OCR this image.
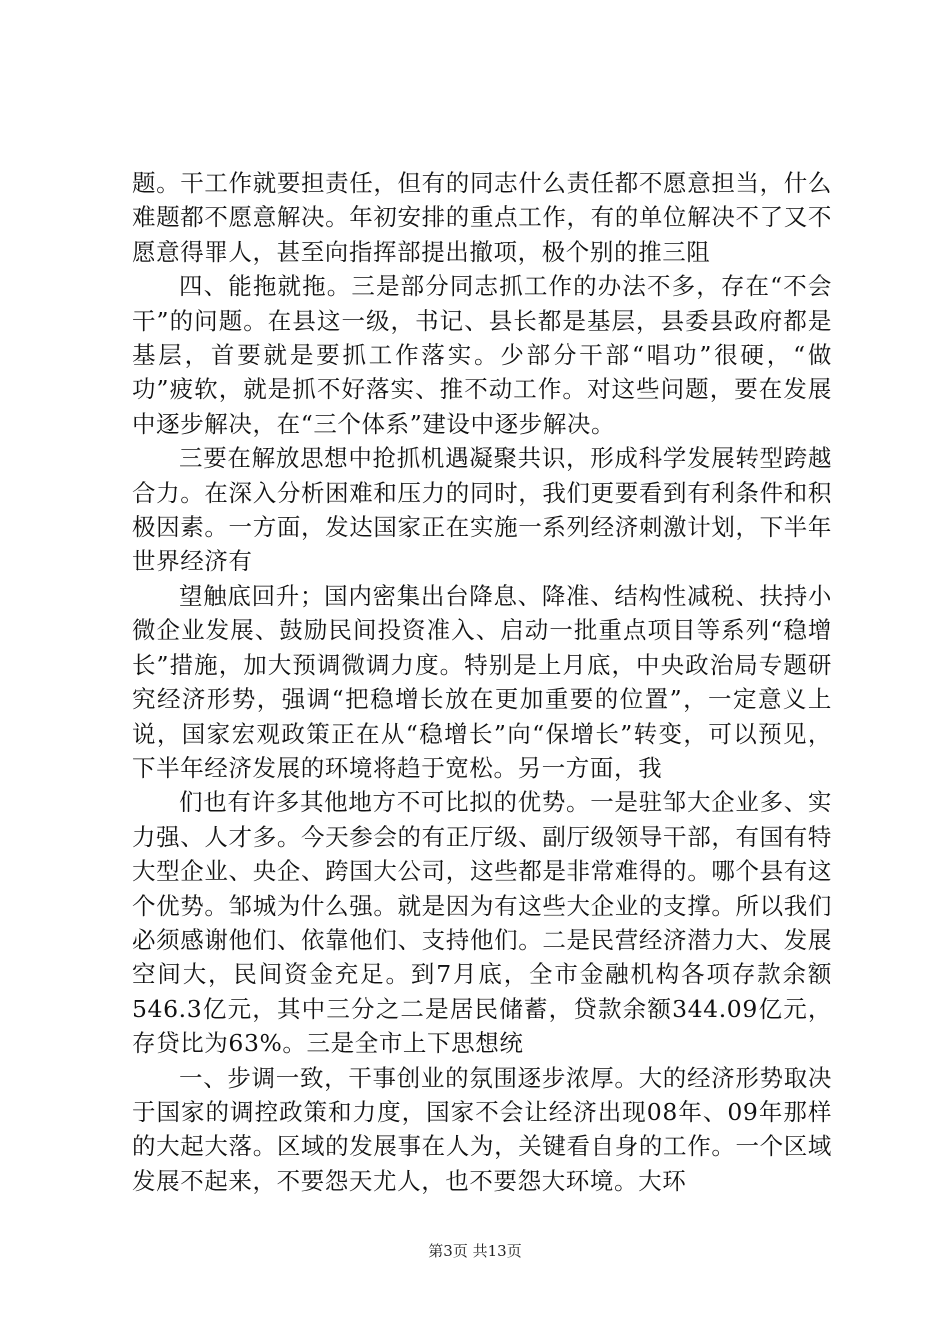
题。干工作就要担责任，但有的同志什么责任都不愿意担当，什么难题都不愿意解决。年初安排的重点工作，有的单位解决不了又不愿意得罪人，甚至向指挥部提出撤项，极个别的推三阻

四、能拖就拖。三是部分同志抓工作的办法不多，存在“不会干”的问题。在县这一级，书记、县长都是基层，县委县政府都是基层，首要就是要抓工作落实。少部分干部“唱功”很硬，“做功”疲软，就是抓不好落实、推不动工作。对这些问题，要在发展中逐步解决，在“三个体系”建设中逐步解决。

三要在解放思想中抢抓机遇凝聚共识，形成科学发展转型跨越合力。在深入分析困难和压力的同时，我们更要看到有利条件和积极因素。一方面，发达国家正在实施一系列经济刺激计划，下半年世界经济有

望触底回升；国内密集出台降息、降准、结构性减税、扶持小微企业发展、鼓励民间投资准入、启动一批重点项目等系列“稳增长”措施，加大预调微调力度。特别是上月底，中央政治局专题研究经济形势，强调“把稳增长放在更加重要的位置”，一定意义上说，国家宏观政策正在从“稳增长”向“保增长”转变，可以预见，下半年经济发展的环境将趋于宽松。另一方面，我

们也有许多其他地方不可比拟的优势。一是驻邹大企业多、实力强、人才多。今天参会的有正厅级、副厅级领导干部，有国有特大型企业、央企、跨国大公司，这些都是非常难得的。哪个县有这个优势。邹城为什么强。就是因为有这些大企业的支撑。所以我们必须感谢他们、依靠他们、支持他们。二是民营经济潜力大、发展空间大，民间资金充足。到7月底，全市金融机构各项存款余额546.3亿元，其中三分之二是居民储蓄，贷款余额344.09亿元，存贷比为63%。三是全市上下思想统

一、步调一致，干事创业的氛围逐步浓厚。大的经济形势取决于国家的调控政策和力度，国家不会让经济出现08年、09年那样的大起大落。区域的发展事在人为，关键看自身的工作。一个区域发展不起来，不要怨天尤人，也不要怨大环境。大环

第3页 共13页
